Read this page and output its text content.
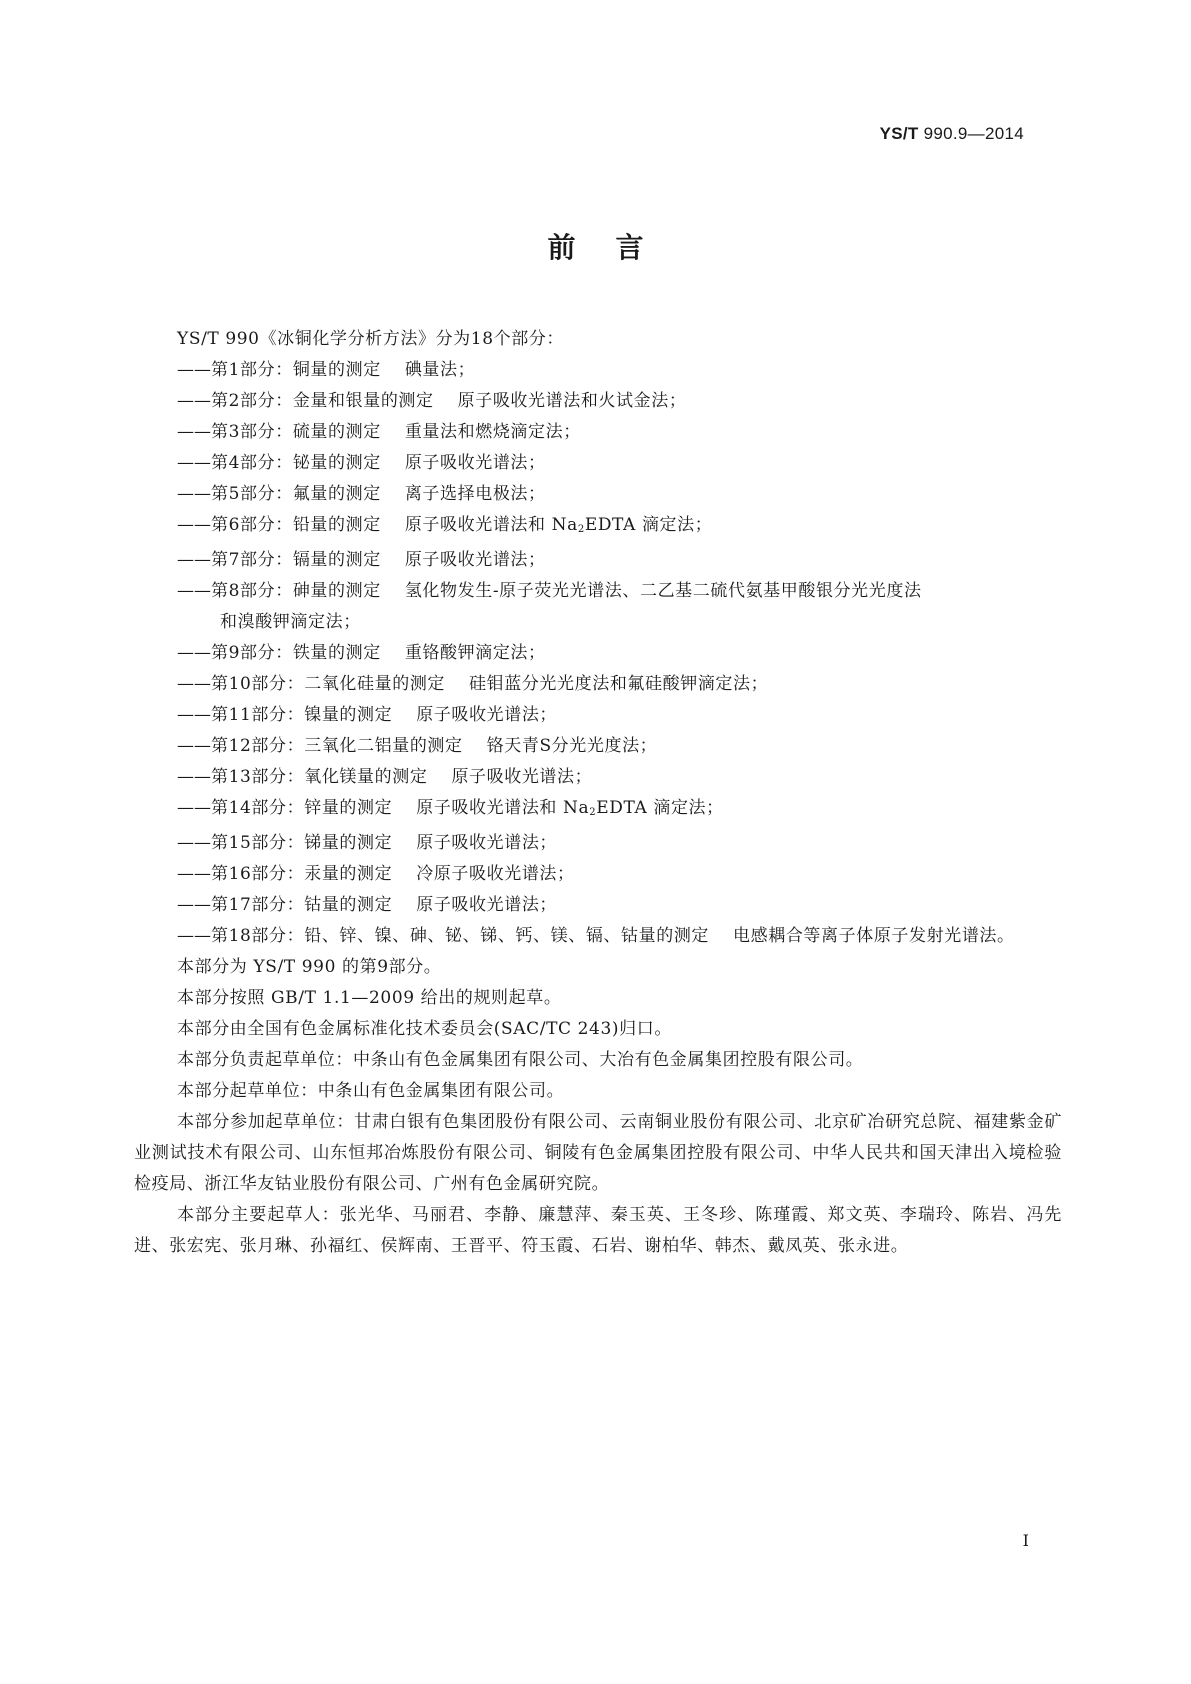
YS/T 990.9—2014
前言
YS/T 990《冰铜化学分析方法》分为18个部分：
——第1部分：铜量的测定 碘量法；
——第2部分：金量和银量的测定 原子吸收光谱法和火试金法；
——第3部分：硫量的测定 重量法和燃烧滴定法；
——第4部分：铋量的测定 原子吸收光谱法；
——第5部分：氟量的测定 离子选择电极法；
——第6部分：铅量的测定 原子吸收光谱法和 $Na_2EDTA$ 滴定法；
——第7部分：镉量的测定 原子吸收光谱法；
——第8部分：砷量的测定 氢化物发生-原子荧光光谱法、二乙基二硫代氨基甲酸银分光光度法
和溴酸钾滴定法；
——第9部分：铁量的测定 重铬酸钾滴定法；
——第10部分：二氧化硅量的测定 硅钼蓝分光光度法和氟硅酸钾滴定法；
——第11部分：镍量的测定 原子吸收光谱法；
——第12部分：三氧化二铝量的测定 铬天青S分光光度法；
——第13部分：氧化镁量的测定 原子吸收光谱法；
——第14部分：锌量的测定 原子吸收光谱法和 $Na_2EDTA$ 滴定法；
——第15部分：锑量的测定 原子吸收光谱法；
——第16部分：汞量的测定 冷原子吸收光谱法；
——第17部分：钴量的测定 原子吸收光谱法；
——第18部分：铅、锌、镍、砷、铋、锑、钙、镁、镉、钴量的测定 电感耦合等离子体原子发射光谱法。
本部分为 YS/T 990 的第9部分。
本部分按照 GB/T 1.1—2009 给出的规则起草。
本部分由全国有色金属标准化技术委员会(SAC/TC 243)归口。
本部分负责起草单位：中条山有色金属集团有限公司、大冶有色金属集团控股有限公司。
本部分起草单位：中条山有色金属集团有限公司。
本部分参加起草单位：甘肃白银有色集团股份有限公司、云南铜业股份有限公司、北京矿冶研究总院、福建紫金矿业测试技术有限公司、山东恒邦冶炼股份有限公司、铜陵有色金属集团控股有限公司、中华人民共和国天津出入境检验检疫局、浙江华友钴业股份有限公司、广州有色金属研究院。
本部分主要起草人：张光华、马丽君、李静、廉慧萍、秦玉英、王冬珍、陈瑾霞、郑文英、李瑞玲、陈岩、冯先进、张宏宪、张月琳、孙福红、侯辉南、王晋平、符玉霞、石岩、谢柏华、韩杰、戴凤英、张永进。
I
